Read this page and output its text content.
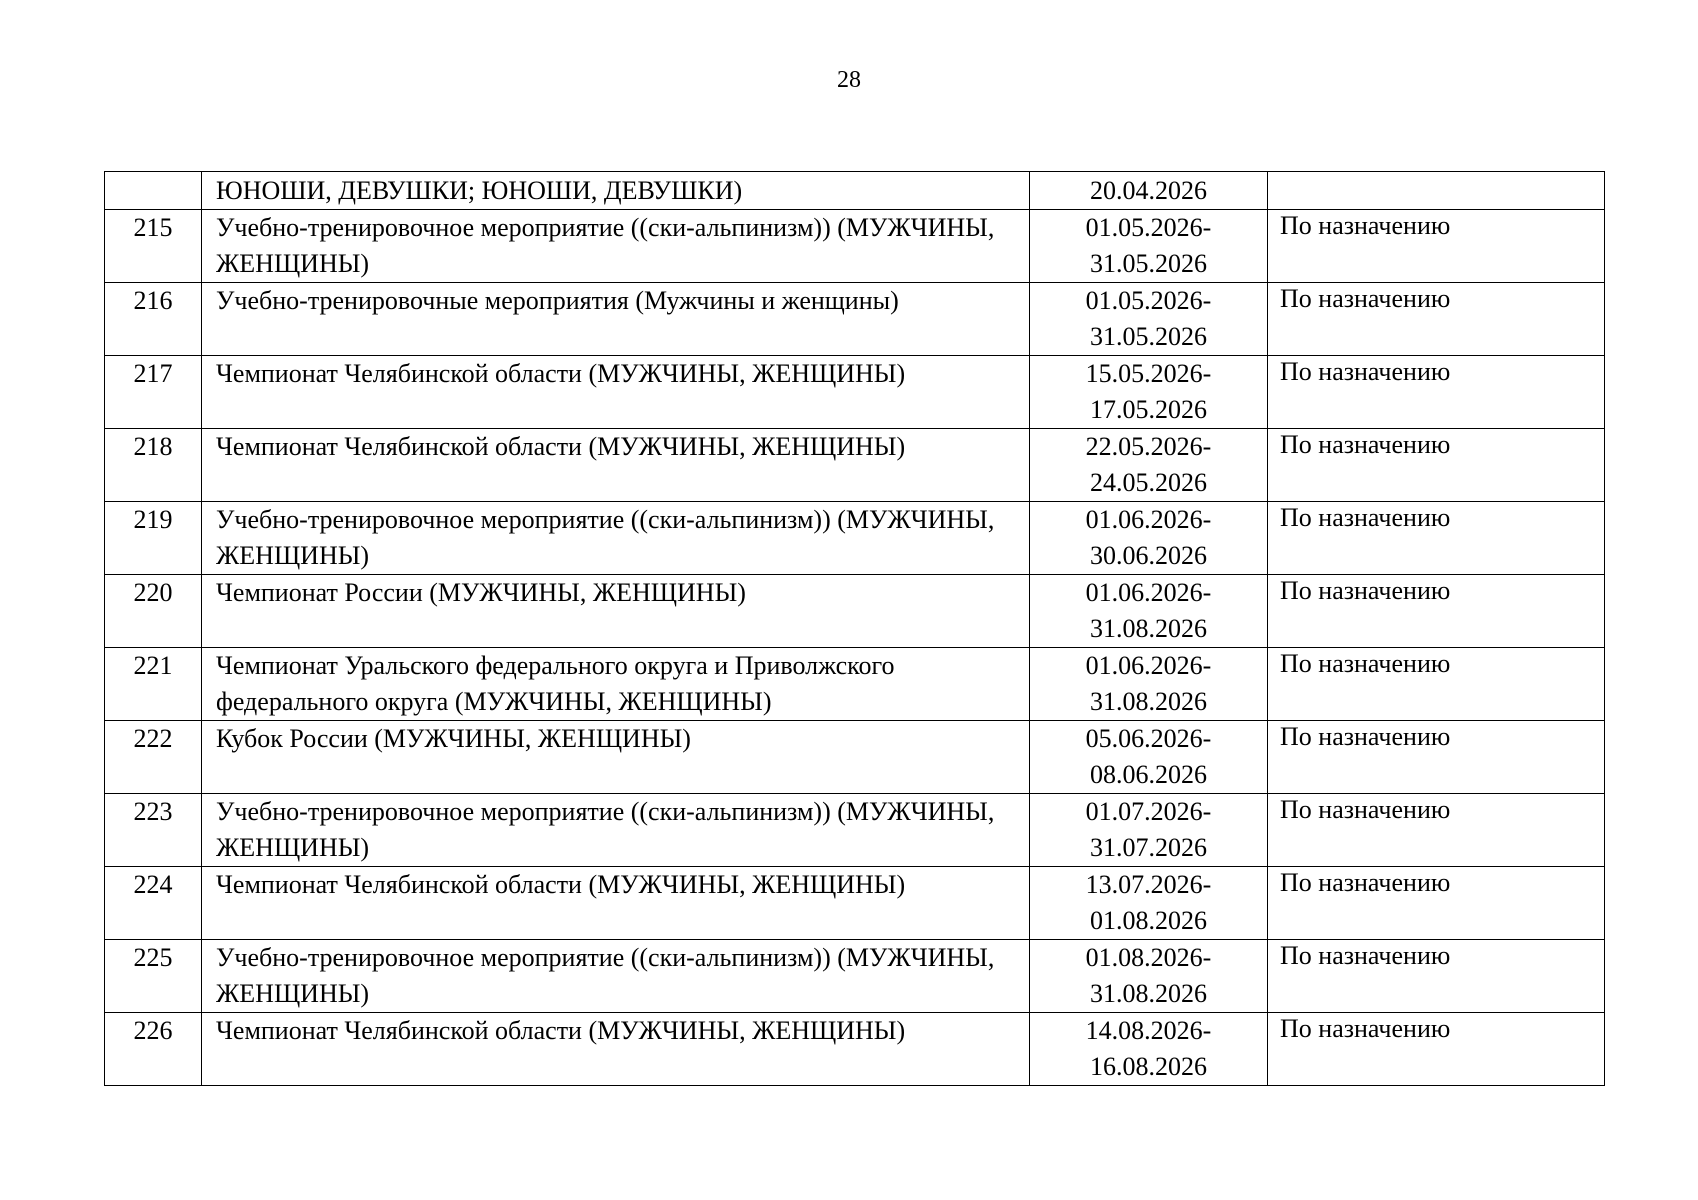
28
	ЮНОШИ, ДЕВУШКИ; ЮНОШИ, ДЕВУШКИ)	20.04.2026	
215	Учебно-тренировочное мероприятие ((ски-альпинизм)) (МУЖЧИНЫ, ЖЕНЩИНЫ)	01.05.2026-
31.05.2026	По назначению
216	Учебно-тренировочные мероприятия (Мужчины и женщины)	01.05.2026-
31.05.2026	По назначению
217	Чемпионат Челябинской области (МУЖЧИНЫ, ЖЕНЩИНЫ)	15.05.2026-
17.05.2026	По назначению
218	Чемпионат Челябинской области (МУЖЧИНЫ, ЖЕНЩИНЫ)	22.05.2026-
24.05.2026	По назначению
219	Учебно-тренировочное мероприятие ((ски-альпинизм)) (МУЖЧИНЫ, ЖЕНЩИНЫ)	01.06.2026-
30.06.2026	По назначению
220	Чемпионат России (МУЖЧИНЫ, ЖЕНЩИНЫ)	01.06.2026-
31.08.2026	По назначению
221	Чемпионат Уральского федерального округа и Приволжского федерального округа (МУЖЧИНЫ, ЖЕНЩИНЫ)	01.06.2026-
31.08.2026	По назначению
222	Кубок России (МУЖЧИНЫ, ЖЕНЩИНЫ)	05.06.2026-
08.06.2026	По назначению
223	Учебно-тренировочное мероприятие ((ски-альпинизм)) (МУЖЧИНЫ, ЖЕНЩИНЫ)	01.07.2026-
31.07.2026	По назначению
224	Чемпионат Челябинской области (МУЖЧИНЫ, ЖЕНЩИНЫ)	13.07.2026-
01.08.2026	По назначению
225	Учебно-тренировочное мероприятие ((ски-альпинизм)) (МУЖЧИНЫ, ЖЕНЩИНЫ)	01.08.2026-
31.08.2026	По назначению
226	Чемпионат Челябинской области (МУЖЧИНЫ, ЖЕНЩИНЫ)	14.08.2026-
16.08.2026	По назначению
